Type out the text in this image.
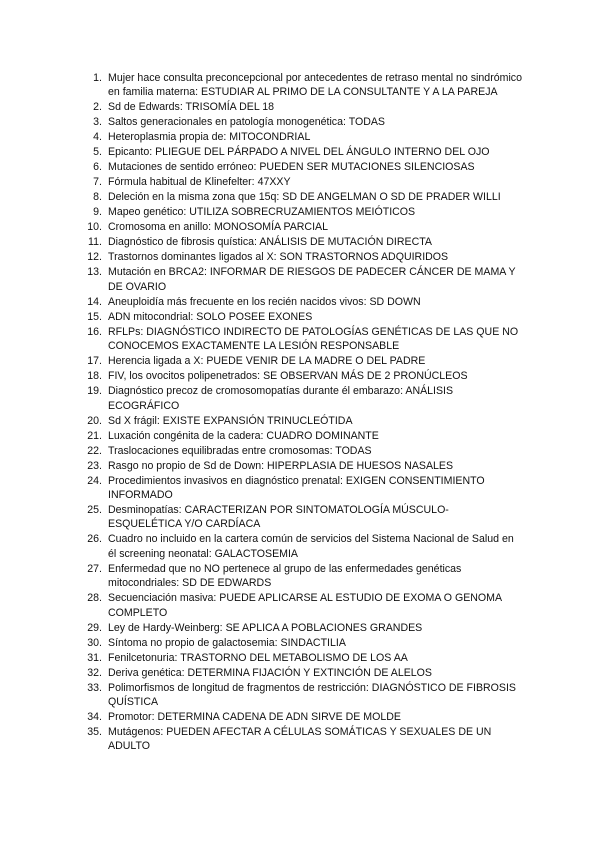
1. Mujer hace consulta preconcepcional por antecedentes de retraso mental no sindrómico en familia materna: ESTUDIAR AL PRIMO DE LA CONSULTANTE Y A LA PAREJA
2. Sd de Edwards: TRISOMÍA DEL 18
3. Saltos generacionales en patología monogenética: TODAS
4. Heteroplasmia propia de: MITOCONDRIAL
5. Epicanto: PLIEGUE DEL PÁRPADO A NIVEL DEL ÁNGULO INTERNO DEL OJO
6. Mutaciones de sentido erróneo: PUEDEN SER MUTACIONES SILENCIOSAS
7. Fórmula habitual de Klinefelter: 47XXY
8. Deleción en la misma zona que 15q: SD DE ANGELMAN O SD DE PRADER WILLI
9. Mapeo genético: UTILIZA SOBRECRUZAMIENTOS MEIÓTICOS
10. Cromosoma en anillo: MONOSOMÍA PARCIAL
11. Diagnóstico de fibrosis quística: ANÁLISIS DE MUTACIÓN DIRECTA
12. Trastornos dominantes ligados al X: SON TRASTORNOS ADQUIRIDOS
13. Mutación en BRCA2: INFORMAR DE RIESGOS DE PADECER CÁNCER DE MAMA Y DE OVARIO
14. Aneuploidía más frecuente en los recién nacidos vivos: SD DOWN
15. ADN mitocondrial: SOLO POSEE EXONES
16. RFLPs: DIAGNÓSTICO INDIRECTO DE PATOLOGÍAS GENÉTICAS DE LAS QUE NO CONOCEMOS EXACTAMENTE LA LESIÓN RESPONSABLE
17. Herencia ligada a X: PUEDE VENIR DE LA MADRE O DEL PADRE
18. FIV, los ovocitos polipenetrados: SE OBSERVAN MÁS DE 2 PRONÚCLEOS
19. Diagnóstico precoz de cromosomopatías durante él embarazo: ANÁLISIS ECOGRÁFICO
20. Sd X frágil: EXISTE EXPANSIÓN TRINUCLEÓTIDA
21. Luxación congénita de la cadera: CUADRO DOMINANTE
22. Traslocaciones equilibradas entre cromosomas: TODAS
23. Rasgo no propio de Sd de Down: HIPERPLASIA DE HUESOS NASALES
24. Procedimientos invasivos en diagnóstico prenatal: EXIGEN CONSENTIMIENTO INFORMADO
25. Desminopatías: CARACTERIZAN POR SINTOMATOLOGÍA MÚSCULO-ESQUELÉTICA Y/O CARDÍACA
26. Cuadro no incluido en la cartera común de servicios del Sistema Nacional de Salud en él screening neonatal: GALACTOSEMIA
27. Enfermedad que no NO pertenece al grupo de las enfermedades genéticas mitocondriales: SD DE EDWARDS
28. Secuenciación masiva: PUEDE APLICARSE AL ESTUDIO DE EXOMA O GENOMA COMPLETO
29. Ley de Hardy-Weinberg: SE APLICA A POBLACIONES GRANDES
30. Síntoma no propio de galactosemia: SINDACTILIA
31. Fenilcetonuria: TRASTORNO DEL METABOLISMO DE LOS AA
32. Deriva genética: DETERMINA FIJACIÓN Y EXTINCIÓN DE ALELOS
33. Polimorfismos de longitud de fragmentos de restricción: DIAGNÓSTICO DE FIBROSIS QUÍSTICA
34. Promotor: DETERMINA CADENA DE ADN SIRVE DE MOLDE
35. Mutágenos: PUEDEN AFECTAR A CÉLULAS SOMÁTICAS Y SEXUALES DE UN ADULTO
